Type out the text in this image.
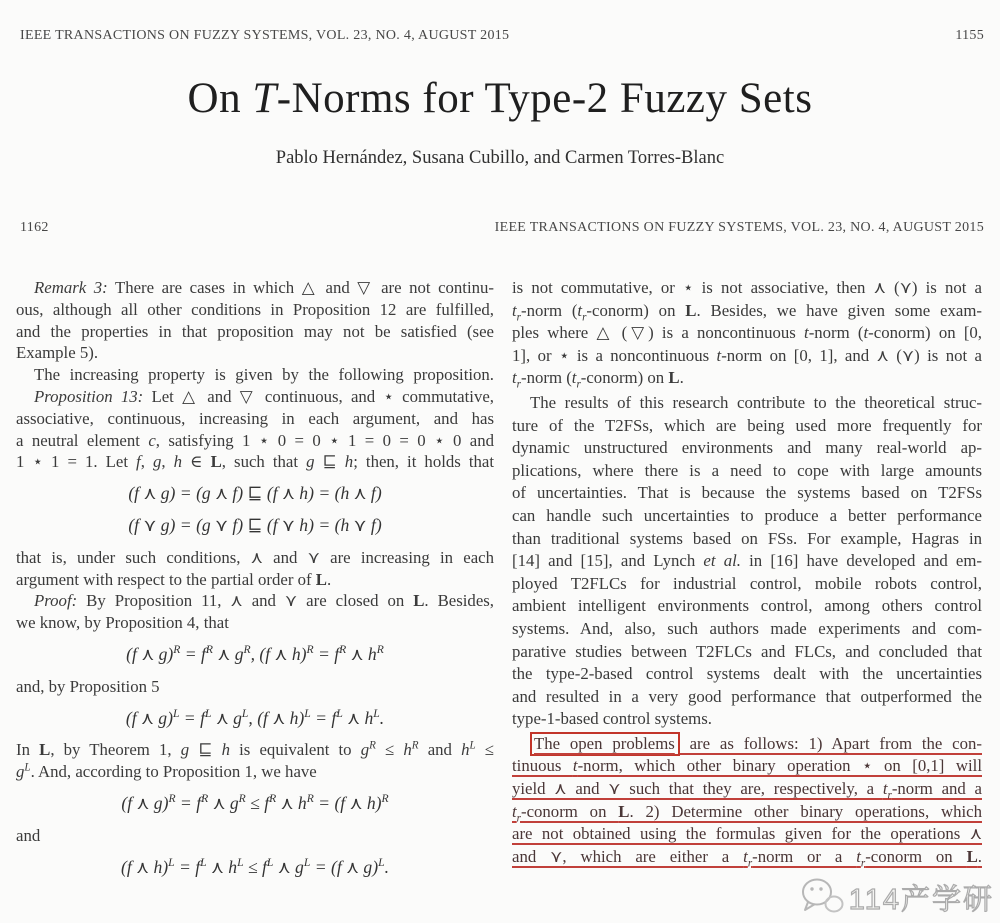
IEEE TRANSACTIONS ON FUZZY SYSTEMS, VOL. 23, NO. 4, AUGUST 2015	1155
On T-Norms for Type-2 Fuzzy Sets
Pablo Hernández, Susana Cubillo, and Carmen Torres-Blanc
1162	IEEE TRANSACTIONS ON FUZZY SYSTEMS, VOL. 23, NO. 4, AUGUST 2015
Remark 3: There are cases in which △ and ▽ are not continu-
ous, although all other conditions in Proposition 12 are fulfilled,
and the properties in that proposition may not be satisfied (see
Example 5).
The increasing property is given by the following proposition.
Proposition 13: Let △ and ▽ continuous, and ⋆ commutative,
associative, continuous, increasing in each argument, and has
a neutral element c, satisfying 1 ⋆ 0 = 0 ⋆ 1 = 0 = 0 ⋆ 0 and
1 ⋆ 1 = 1. Let f, g, h ∈ L, such that g ⊑ h; then, it holds that
(f ⋏ g) = (g ⋏ f) ⊑ (f ⋏ h) = (h ⋏ f)
(f ⋎ g) = (g ⋎ f) ⊑ (f ⋎ h) = (h ⋎ f)
that is, under such conditions, ⋏ and ⋎ are increasing in each
argument with respect to the partial order of L.
Proof: By Proposition 11, ⋏ and ⋎ are closed on L. Besides,
we know, by Proposition 4, that
(f ⋏ $g)^R = f^R$ ⋏ $g^R$, (f ⋏ $h)^R = f^R$ ⋏ $h^R$
and, by Proposition 5
(f ⋏ $g)^L = f^L$ ⋏ $g^L$, (f ⋏ $h)^L = f^L$ ⋏ $h^L$.
In L, by Theorem 1, g ⊑ h is equivalent to $g^R \le h^R$ and $h^L$ ≤
$g^L$. And, according to Proposition 1, we have
(f ⋏ $g)^R = f^R$ ⋏ $g^R \le f^R$ ⋏ $h^R = (f$ ⋏ h)$^R$
and
(f ⋏ $h)^L = f^L$ ⋏ $h^L \le f^L$ ⋏ $g^L = (f$ ⋏ g)$^L$.
is not commutative, or ⋆ is not associative, then ⋏ (⋎) is not a
$t_r$-norm $(t_r-conorm)$ on L. Besides, we have given some exam-
ples where △ (▽) is a noncontinuous t-norm (t-conorm) on [0,
1], or ⋆ is a noncontinuous t-norm on [0, 1], and ⋏ (⋎) is not a
$t_r$-norm $(t_r-conorm)$ on L.
The results of this research contribute to the theoretical struc-
ture of the T2FSs, which are being used more frequently for
dynamic unstructured environments and many real-world ap-
plications, where there is a need to cope with large amounts
of uncertainties. That is because the systems based on T2FSs
can handle such uncertainties to produce a better performance
than traditional systems based on FSs. For example, Hagras in
[14] and [15], and Lynch et al. in [16] have developed and em-
ployed T2FLCs for industrial control, mobile robots control,
ambient intelligent environments control, among others control
systems. And, also, such authors made experiments and com-
parative studies between T2FLCs and FLCs, and concluded that
the type-2-based control systems dealt with the uncertainties
and resulted in a very good performance that outperformed the
type-1-based control systems.
The open problems are as follows: 1) Apart from the con-
tinuous t-norm, which other binary operation ⋆ on [0,1] will
yield ⋏ and ⋎ such that they are, respectively, a $t_r$-norm and a
$t_r$-conorm on L. 2) Determine other binary operations, which
are not obtained using the formulas given for the operations ⋏
and ⋎, which are either a $t_r$-norm or a $t_r$-conorm on L.
114产学研
